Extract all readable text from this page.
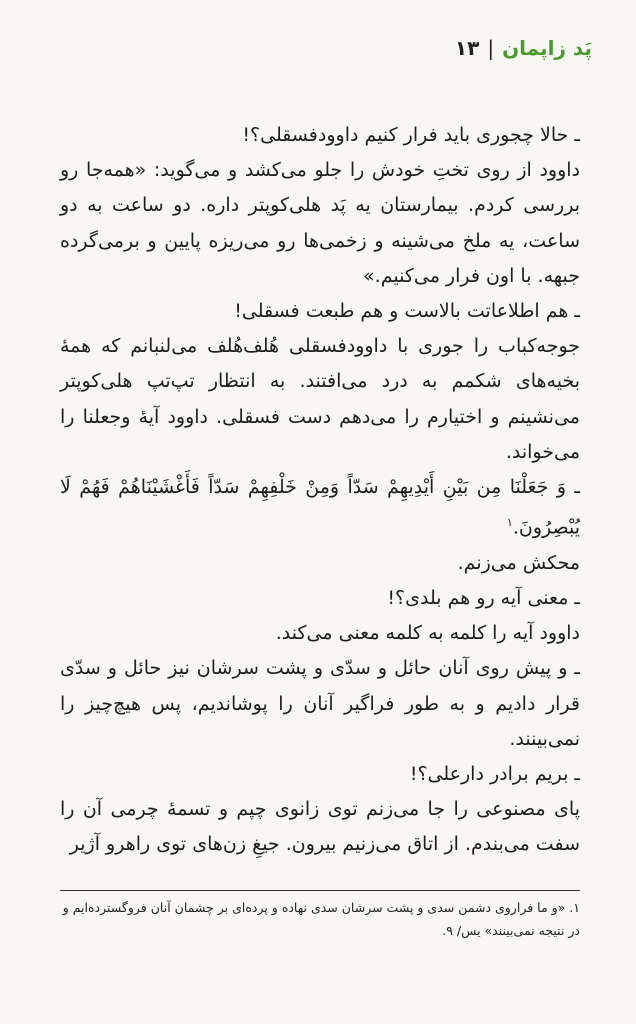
پَد زاپمان
|
۱۳

ـ حالا چجوری باید فرار کنیم داوودفسقلی؟!

داوود از روی تختِ خودش را جلو می‌کشد و می‌گوید: «همه‌جا رو بررسی کردم. بیمارستان یه پَد هلی‌کوپتر داره. دو ساعت به دو ساعت، یه ملخ می‌شینه و زخمی‌ها رو می‌ریزه پایین و برمی‌گرده جبهه. با اون فرار می‌کنیم.»

ـ هم اطلاعاتت بالاست و هم طبعت فسقلی!

جوجه‌کباب را جوری با داوودفسقلی هُلف‌هُلف می‌لنبانم که همهٔ بخیه‌های شکمم به درد می‌افتند. به انتظار تپ‌تپ هلی‌کوپتر می‌نشینم و اختیارم را می‌دهم دست فسقلی. داوود آیهٔ وجعلنا را می‌خواند.

ـ وَ جَعَلْنَا مِن بَيْنِ أَيْدِيهِمْ سَدّاً وَمِنْ خَلْفِهِمْ سَدّاً فَأَغْشَيْنَاهُمْ فَهُمْ لَا يُبْصِرُونَ.$^۱$

محکش می‌زنم.

ـ معنی آیه رو هم بلدی؟!

داوود آیه را کلمه به کلمه معنی می‌کند.

ـ و پیش روی آنان حائل و سدّی و پشت سرشان نیز حائل و سدّی قرار دادیم و به طور فراگیر آنان را پوشاندیم، پس هیچ‌چیز را نمی‌بینند.

ـ بریم برادر دارعلی؟!

پای مصنوعی را جا می‌زنم توی زانوی چپم و تسمهٔ چرمی آن را سفت می‌بندم. از اتاق می‌زنیم بیرون. جیغِ زن‌های توی راهرو آژیر

۱. «و ما فراروی دشمن سدی و پشت سرشان سدی نهاده و پرده‌ای بر چشمان آنان فروگسترده‌ایم و در نتیجه نمی‌بینند» یس/ ۹.
